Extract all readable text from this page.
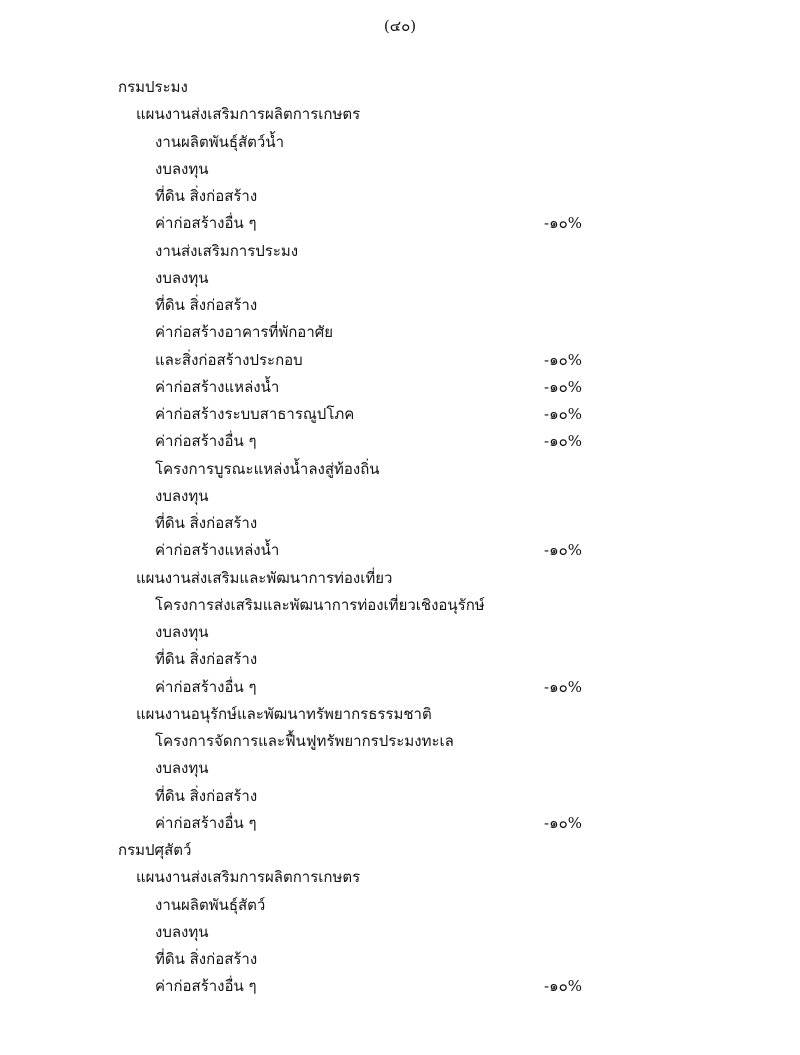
(๔๐)
กรมประมง
แผนงานส่งเสริมการผลิตการเกษตร
งานผลิตพันธุ์สัตว์น้ำ
งบลงทุน
ที่ดิน สิ่งก่อสร้าง
ค่าก่อสร้างอื่น ๆ	-๑๐%
งานส่งเสริมการประมง
งบลงทุน
ที่ดิน สิ่งก่อสร้าง
ค่าก่อสร้างอาคารที่พักอาศัย
และสิ่งก่อสร้างประกอบ	-๑๐%
ค่าก่อสร้างแหล่งน้ำ	-๑๐%
ค่าก่อสร้างระบบสาธารณูปโภค	-๑๐%
ค่าก่อสร้างอื่น ๆ	-๑๐%
โครงการบูรณะแหล่งน้ำลงสู่ท้องถิ่น
งบลงทุน
ที่ดิน สิ่งก่อสร้าง
ค่าก่อสร้างแหล่งน้ำ	-๑๐%
แผนงานส่งเสริมและพัฒนาการท่องเที่ยว
โครงการส่งเสริมและพัฒนาการท่องเที่ยวเชิงอนุรักษ์
งบลงทุน
ที่ดิน สิ่งก่อสร้าง
ค่าก่อสร้างอื่น ๆ	-๑๐%
แผนงานอนุรักษ์และพัฒนาทรัพยากรธรรมชาติ
โครงการจัดการและฟื้นฟูทรัพยากรประมงทะเล
งบลงทุน
ที่ดิน สิ่งก่อสร้าง
ค่าก่อสร้างอื่น ๆ	-๑๐%
กรมปศุสัตว์
แผนงานส่งเสริมการผลิตการเกษตร
งานผลิตพันธุ์สัตว์
งบลงทุน
ที่ดิน สิ่งก่อสร้าง
ค่าก่อสร้างอื่น ๆ	-๑๐%
